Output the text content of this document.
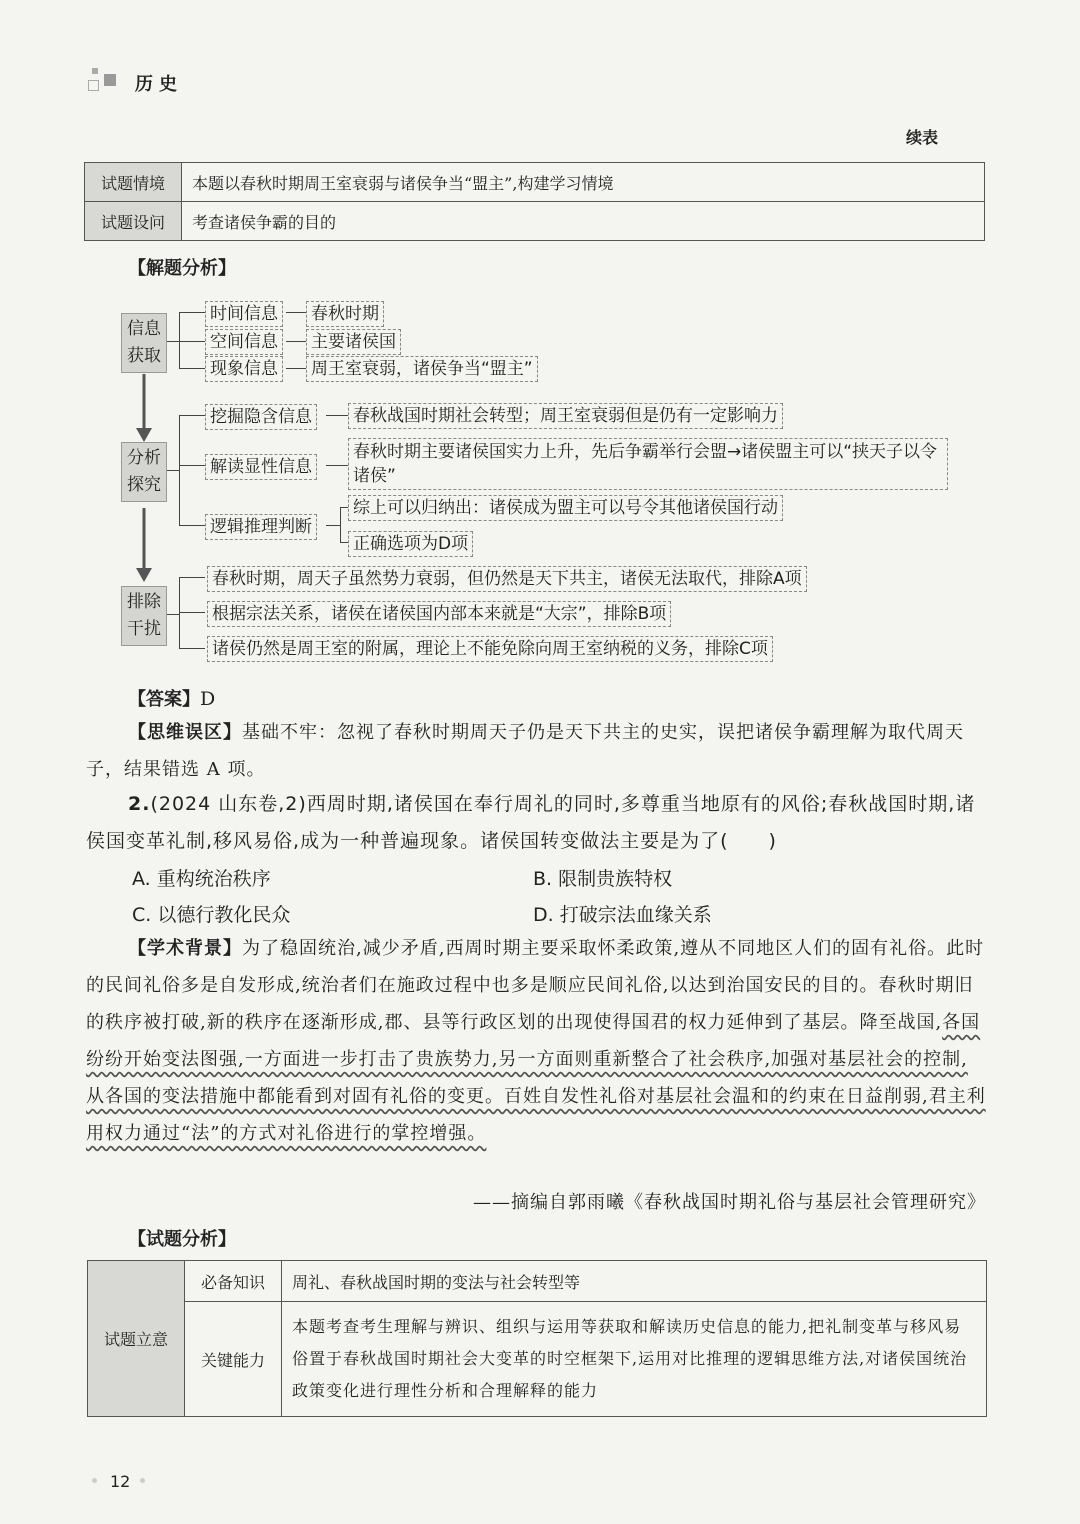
历史
续表
试题情境	本题以春秋时期周王室衰弱与诸侯争当“盟主”,构建学习情境
试题设问	考查诸侯争霸的目的
【解题分析】
信息
获取
分析
探究
排除
干扰
时间信息
空间信息
现象信息
春秋时期
主要诸侯国
周王室衰弱，诸侯争当“盟主”
挖掘隐含信息 春秋战国时期社会转型；周王室衰弱但是仍有一定影响力
解读显性信息
春秋时期主要诸侯国实力上升，先后争霸举行会盟→诸侯盟主可以“挟天子以令诸侯”
逻辑推理判断
综上可以归纳出：诸侯成为盟主可以号令其他诸侯国行动
正确选项为D项
春秋时期，周天子虽然势力衰弱，但仍然是天下共主，诸侯无法取代，排除A项
根据宗法关系，诸侯在诸侯国内部本来就是“大宗”，排除B项
诸侯仍然是周王室的附属，理论上不能免除向周王室纳税的义务，排除C项
【答案】D
【思维误区】基础不牢：忽视了春秋时期周天子仍是天下共主的史实，误把诸侯争霸理解为取代周天子，结果错选 A 项。
2.(2024 山东卷,2)西周时期,诸侯国在奉行周礼的同时,多尊重当地原有的风俗;春秋战国时期,诸侯国变革礼制,移风易俗,成为一种普遍现象。诸侯国转变做法主要是为了(　　)
A. 重构统治秩序	B. 限制贵族特权
C. 以德行教化民众	D. 打破宗法血缘关系
【学术背景】为了稳固统治,减少矛盾,西周时期主要采取怀柔政策,遵从不同地区人们的固有礼俗。此时的民间礼俗多是自发形成,统治者们在施政过程中也多是顺应民间礼俗,以达到治国安民的目的。春秋时期旧的秩序被打破,新的秩序在逐渐形成,郡、县等行政区划的出现使得国君的权力延伸到了基层。降至战国,各国纷纷开始变法图强,一方面进一步打击了贵族势力,另一方面则重新整合了社会秩序,加强对基层社会的控制,从各国的变法措施中都能看到对固有礼俗的变更。百姓自发性礼俗对基层社会温和的约束在日益削弱,君主利用权力通过“法”的方式对礼俗进行的掌控增强。
——摘编自郭雨曦《春秋战国时期礼俗与基层社会管理研究》
【试题分析】
试题立意	必备知识	周礼、春秋战国时期的变法与社会转型等
	关键能力	本题考查考生理解与辨识、组织与运用等获取和解读历史信息的能力,把礼制变革与移风易俗置于春秋战国时期社会大变革的时空框架下,运用对比推理的逻辑思维方法,对诸侯国统治政策变化进行理性分析和合理解释的能力
12
